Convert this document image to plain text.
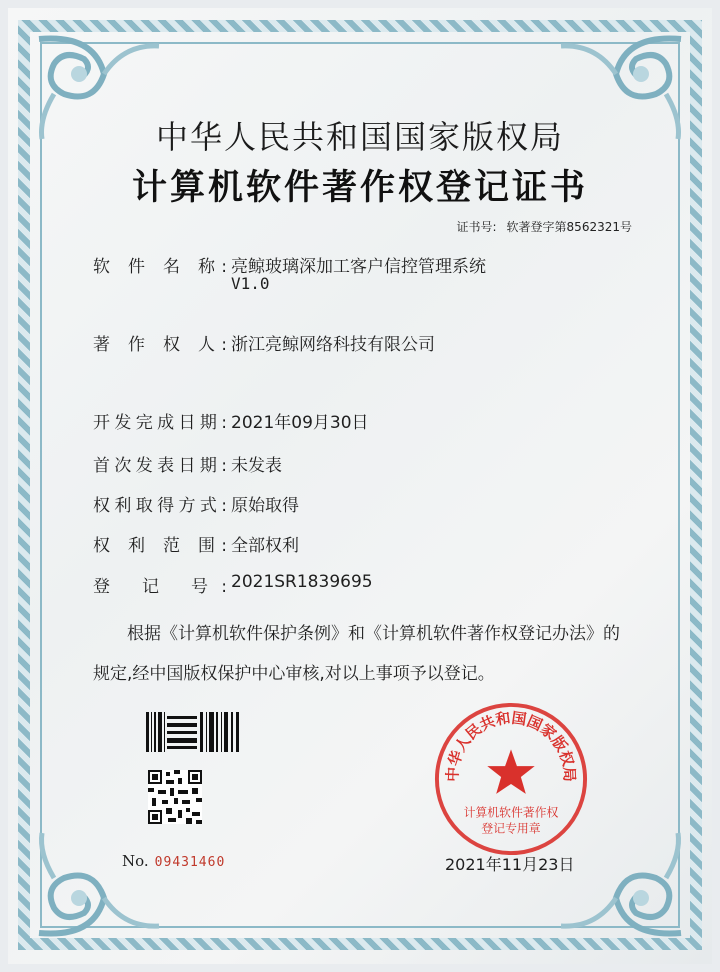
中华人民共和国国家版权局
计算机软件著作权登记证书
证书号: 软著登字第8562321号
软 件 名 称: 亮鲸玻璃深加工客户信控管理系统
V1.0
著 作 权 人: 浙江亮鲸网络科技有限公司
开发完成日期: 2021年09月30日
首次发表日期: 未发表
权利取得方式: 原始取得
权 利 范 围: 全部权利
登 记 号: 2021SR1839695
根据《计算机软件保护条例》和《计算机软件著作权登记办法》的
规定,经中国版权保护中心审核,对以上事项予以登记。
No. 09431460
中华人民共和国国家版权局
计算机软件著作权
登记专用章
2021年11月23日
